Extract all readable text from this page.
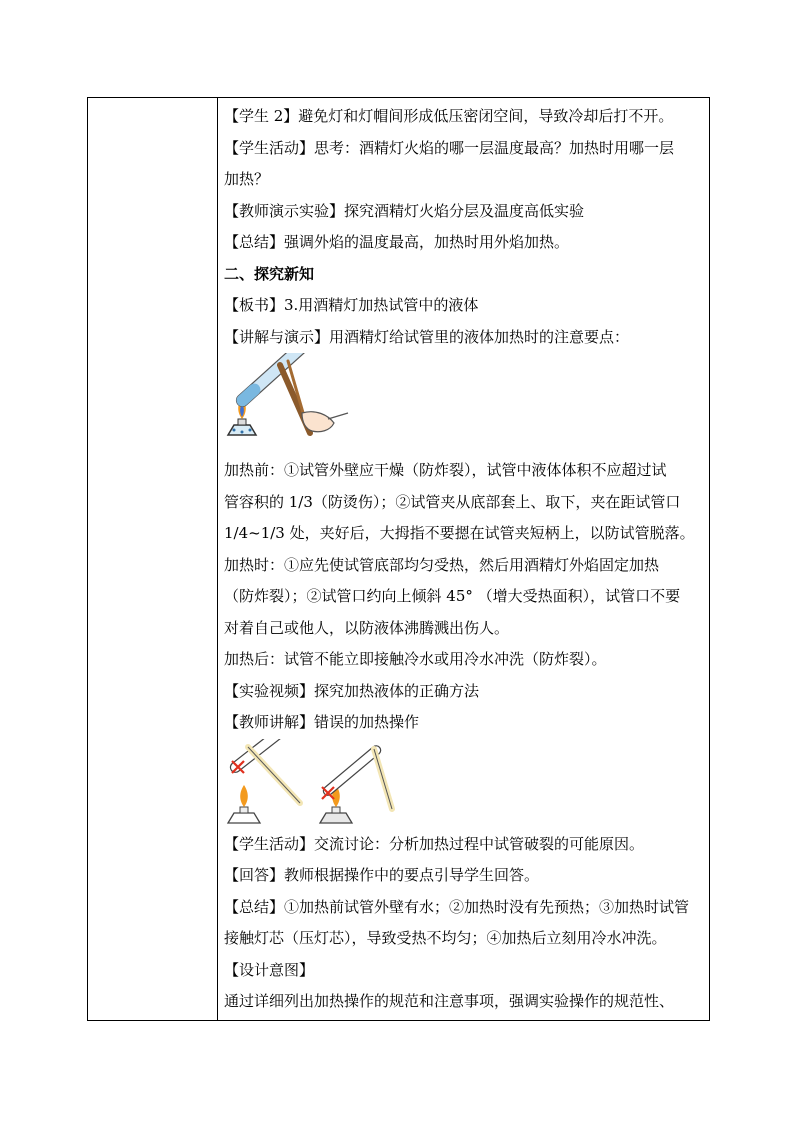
【学生 2】避免灯和灯帽间形成低压密闭空间，导致冷却后打不开。
【学生活动】思考：酒精灯火焰的哪一层温度最高？加热时用哪一层
加热？
【教师演示实验】探究酒精灯火焰分层及温度高低实验
【总结】强调外焰的温度最高，加热时用外焰加热。
二、探究新知
【板书】3.用酒精灯加热试管中的液体
【讲解与演示】用酒精灯给试管里的液体加热时的注意要点：
加热前：①试管外壁应干燥（防炸裂），试管中液体体积不应超过试
管容积的 1/3（防烫伤）；②试管夹从底部套上、取下，夹在距试管口
1/4~1/3 处，夹好后，大拇指不要摁在试管夹短柄上，以防试管脱落。
加热时：①应先使试管底部均匀受热，然后用酒精灯外焰固定加热
（防炸裂）；②试管口约向上倾斜 45° （增大受热面积），试管口不要
对着自己或他人，以防液体沸腾溅出伤人。
加热后：试管不能立即接触冷水或用冷水冲洗（防炸裂）。
【实验视频】探究加热液体的正确方法
【教师讲解】错误的加热操作
【学生活动】交流讨论：分析加热过程中试管破裂的可能原因。
【回答】教师根据操作中的要点引导学生回答。
【总结】①加热前试管外壁有水；②加热时没有先预热；③加热时试管
接触灯芯（压灯芯），导致受热不均匀；④加热后立刻用冷水冲洗。
【设计意图】
通过详细列出加热操作的规范和注意事项，强调实验操作的规范性、
